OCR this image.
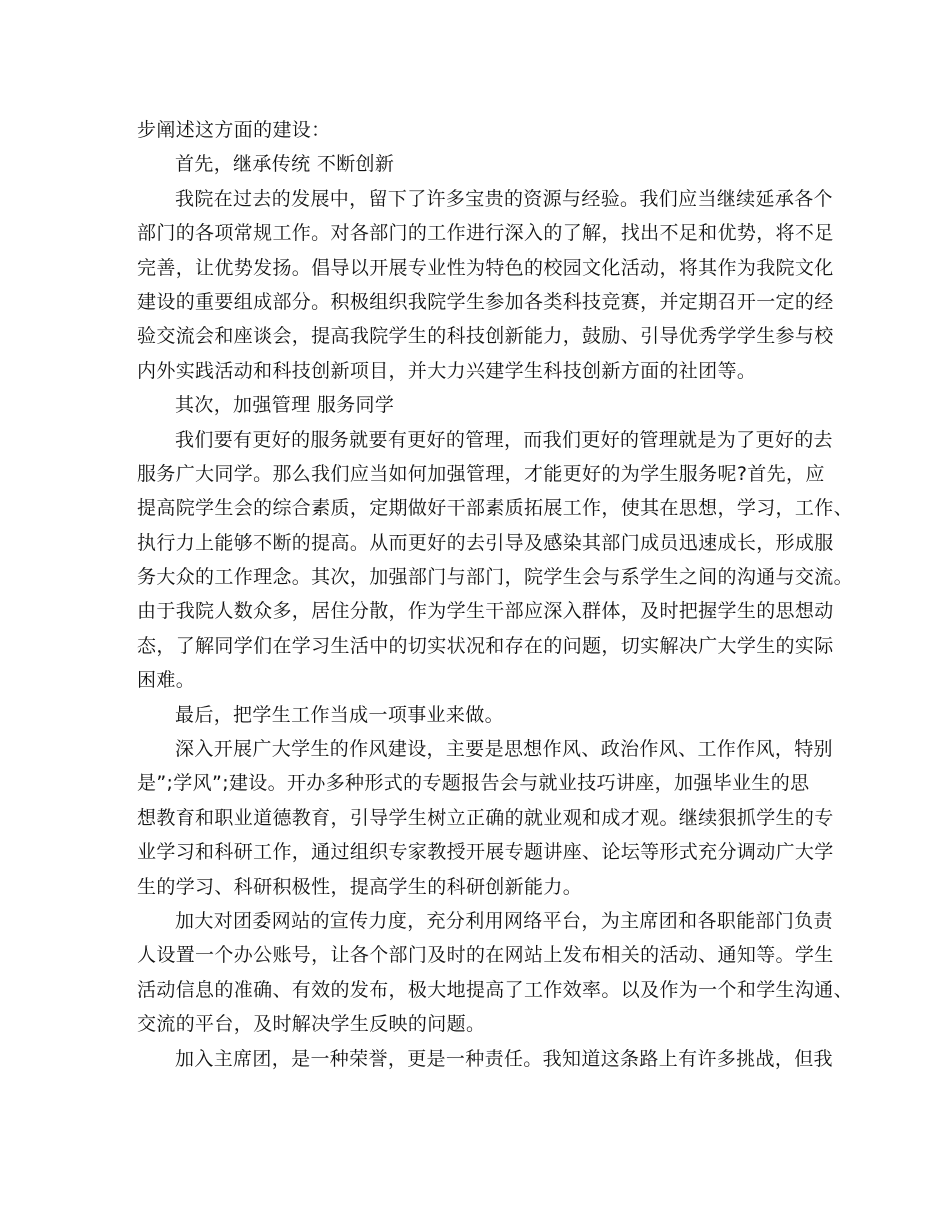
步阐述这方面的建设：
首先，继承传统 不断创新
我院在过去的发展中，留下了许多宝贵的资源与经验。我们应当继续延承各个
部门的各项常规工作。对各部门的工作进行深入的了解，找出不足和优势，将不足
完善，让优势发扬。倡导以开展专业性为特色的校园文化活动，将其作为我院文化
建设的重要组成部分。积极组织我院学生参加各类科技竞赛，并定期召开一定的经
验交流会和座谈会，提高我院学生的科技创新能力，鼓励、引导优秀学学生参与校
内外实践活动和科技创新项目，并大力兴建学生科技创新方面的社团等。
其次，加强管理 服务同学
我们要有更好的服务就要有更好的管理，而我们更好的管理就是为了更好的去
服务广大同学。那么我们应当如何加强管理，才能更好的为学生服务呢?首先，应
提高院学生会的综合素质，定期做好干部素质拓展工作，使其在思想，学习，工作、
执行力上能够不断的提高。从而更好的去引导及感染其部门成员迅速成长，形成服
务大众的工作理念。其次，加强部门与部门，院学生会与系学生之间的沟通与交流。
由于我院人数众多，居住分散，作为学生干部应深入群体，及时把握学生的思想动
态，了解同学们在学习生活中的切实状况和存在的问题，切实解决广大学生的实际
困难。
最后，把学生工作当成一项事业来做。
深入开展广大学生的作风建设，主要是思想作风、政治作风、工作作风，特别
是”;学风”;建设。开办多种形式的专题报告会与就业技巧讲座，加强毕业生的思
想教育和职业道德教育，引导学生树立正确的就业观和成才观。继续狠抓学生的专
业学习和科研工作，通过组织专家教授开展专题讲座、论坛等形式充分调动广大学
生的学习、科研积极性，提高学生的科研创新能力。
加大对团委网站的宣传力度，充分利用网络平台，为主席团和各职能部门负责
人设置一个办公账号，让各个部门及时的在网站上发布相关的活动、通知等。学生
活动信息的准确、有效的发布，极大地提高了工作效率。以及作为一个和学生沟通、
交流的平台，及时解决学生反映的问题。
加入主席团，是一种荣誉，更是一种责任。我知道这条路上有许多挑战，但我
